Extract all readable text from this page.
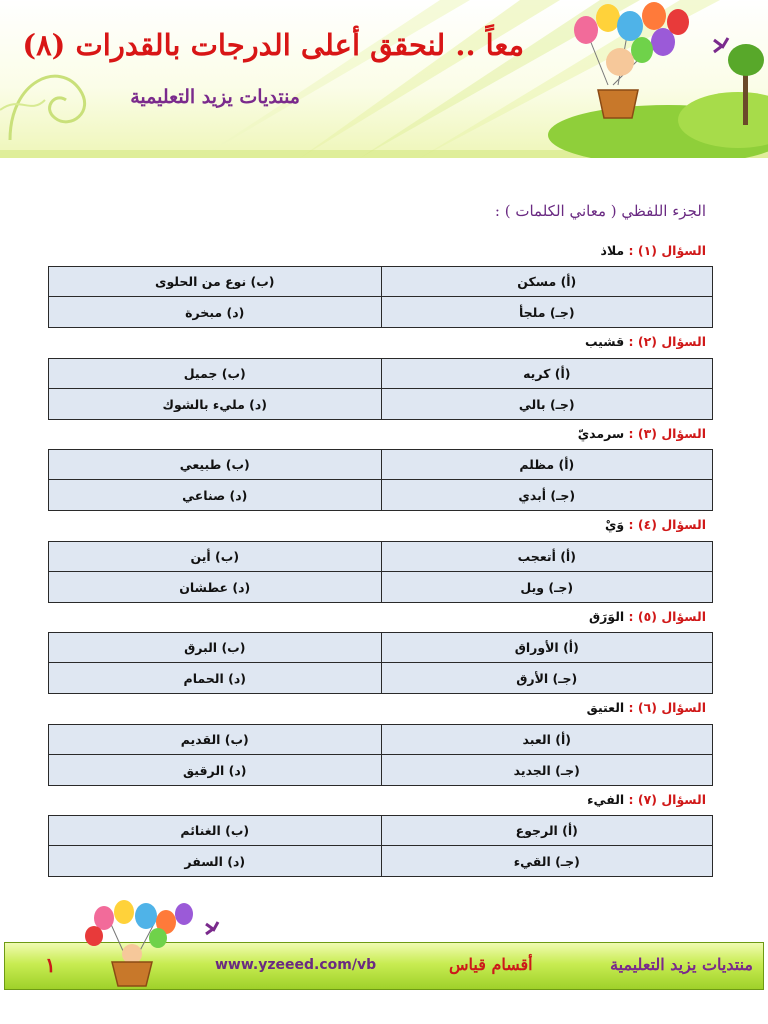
معاً .. لنحقق أعلى الدرجات بالقدرات (٨)
منتديات يزيد التعليمية
الجزء اللفظي ( معاني الكلمات ) :
السؤال (١) : ملاذ
(أ) مسكن
(ب) نوع من الحلوى
(جـ) ملجأ
(د) مبخرة
السؤال (٢) : قشيب
(أ) كريه
(ب) جميل
(جـ) بالي
(د) مليء بالشوك
السؤال (٣) : سرمديّ
(أ) مظلم
(ب) طبيعي
(جـ) أبدي
(د) صناعي
السؤال (٤) : وَيْ
(أ) أتعجب
(ب) أين
(جـ) ويل
(د) عطشان
السؤال (٥) : الوَرَق
(أ) الأوراق
(ب) البرق
(جـ) الأرق
(د) الحمام
السؤال (٦) : العتيق
(أ) العبد
(ب) القديم
(جـ) الجديد
(د) الرقيق
السؤال (٧) : الفيء
(أ) الرجوع
(ب) الغنائم
(جـ) القيء
(د) السفر
منتديات يزيد التعليمية
أقسام قياس
www.yzeeed.com/vb
١
